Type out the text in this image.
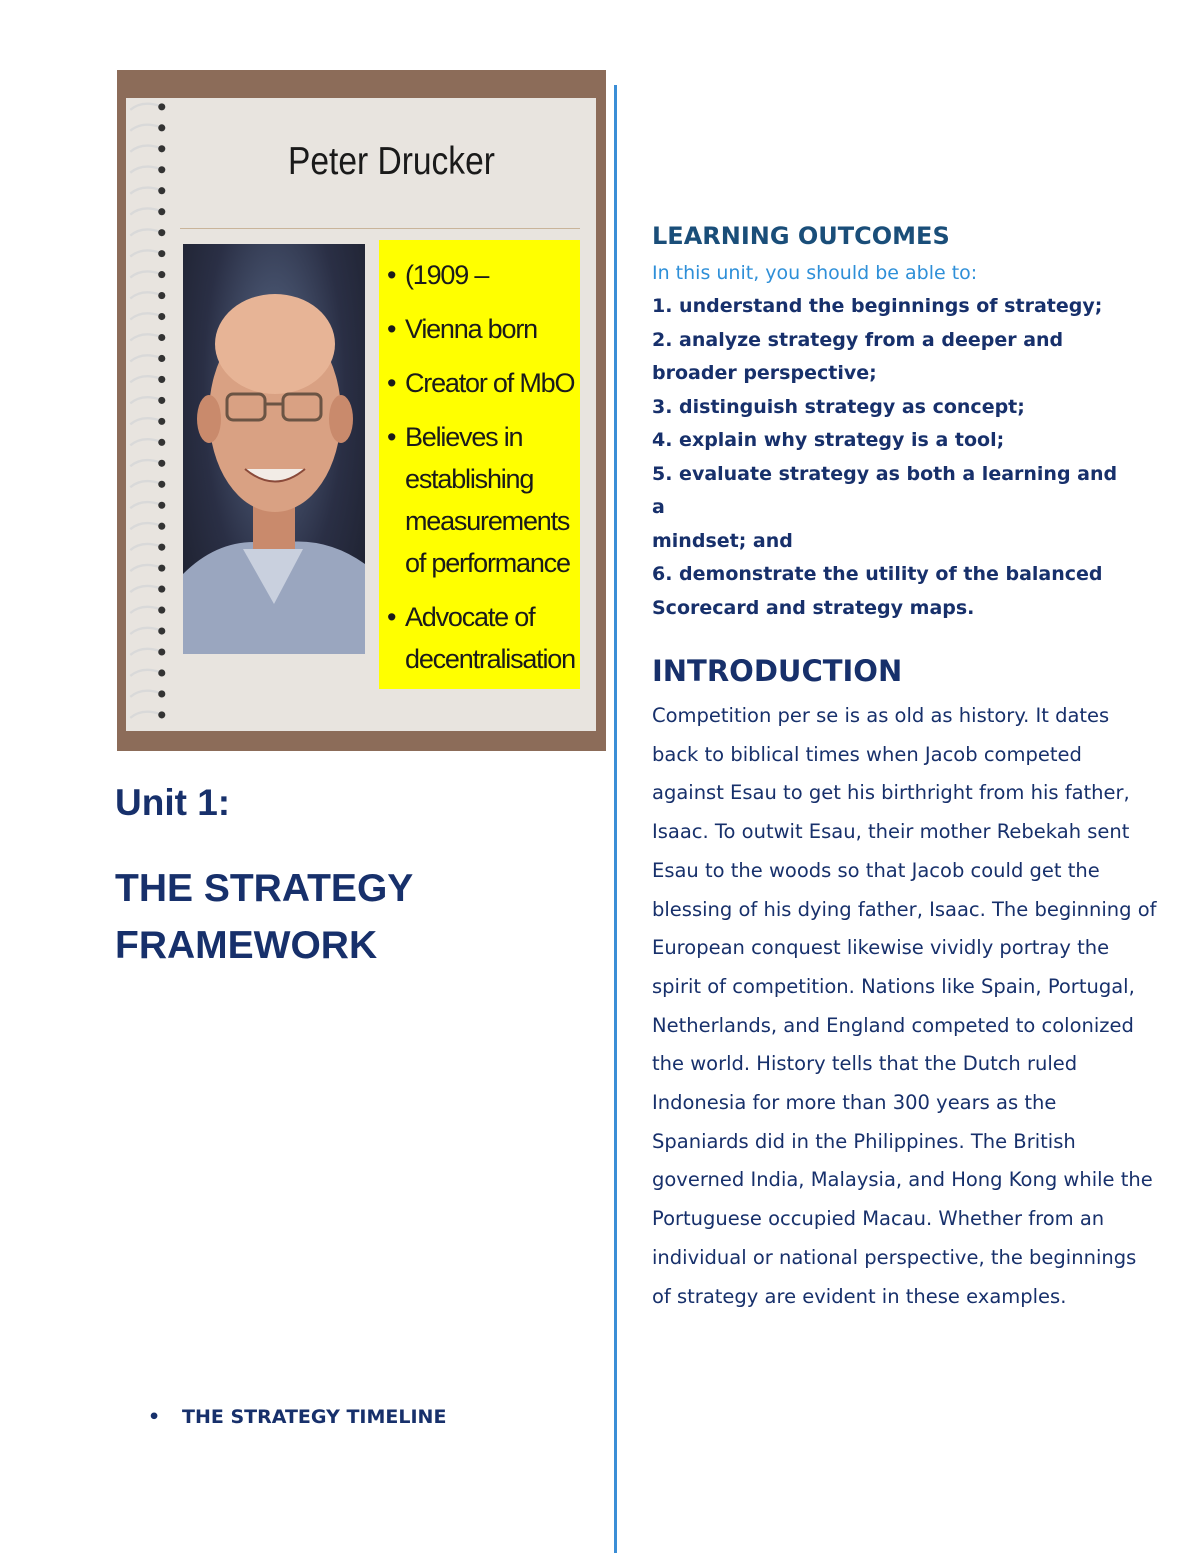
Peter Drucker
• (1909 –
• Vienna born
• Creator of MbO
• Believes in establishing measurements of performance
• Advocate of decentralisation
Unit 1:
THE STRATEGY FRAMEWORK
• THE STRATEGY TIMELINE
LEARNING OUTCOMES
In this unit, you should be able to:
1. understand the beginnings of strategy;
2. analyze strategy from a deeper and
broader perspective;
3. distinguish strategy as concept;
4. explain why strategy is a tool;
5. evaluate strategy as both a learning and
a
mindset; and
6. demonstrate the utility of the balanced
Scorecard and strategy maps.
INTRODUCTION

Competition per se is as old as history. It dates back to biblical times when Jacob competed against Esau to get his birthright from his father, Isaac. To outwit Esau, their mother Rebekah sent Esau to the woods so that Jacob could get the blessing of his dying father, Isaac. The beginning of European conquest likewise vividly portray the spirit of competition. Nations like Spain, Portugal, Netherlands, and England competed to colonized the world. History tells that the Dutch ruled Indonesia for more than 300 years as the Spaniards did in the Philippines. The British governed India, Malaysia, and Hong Kong while the Portuguese occupied Macau. Whether from an individual or national perspective, the beginnings of strategy are evident in these examples.
